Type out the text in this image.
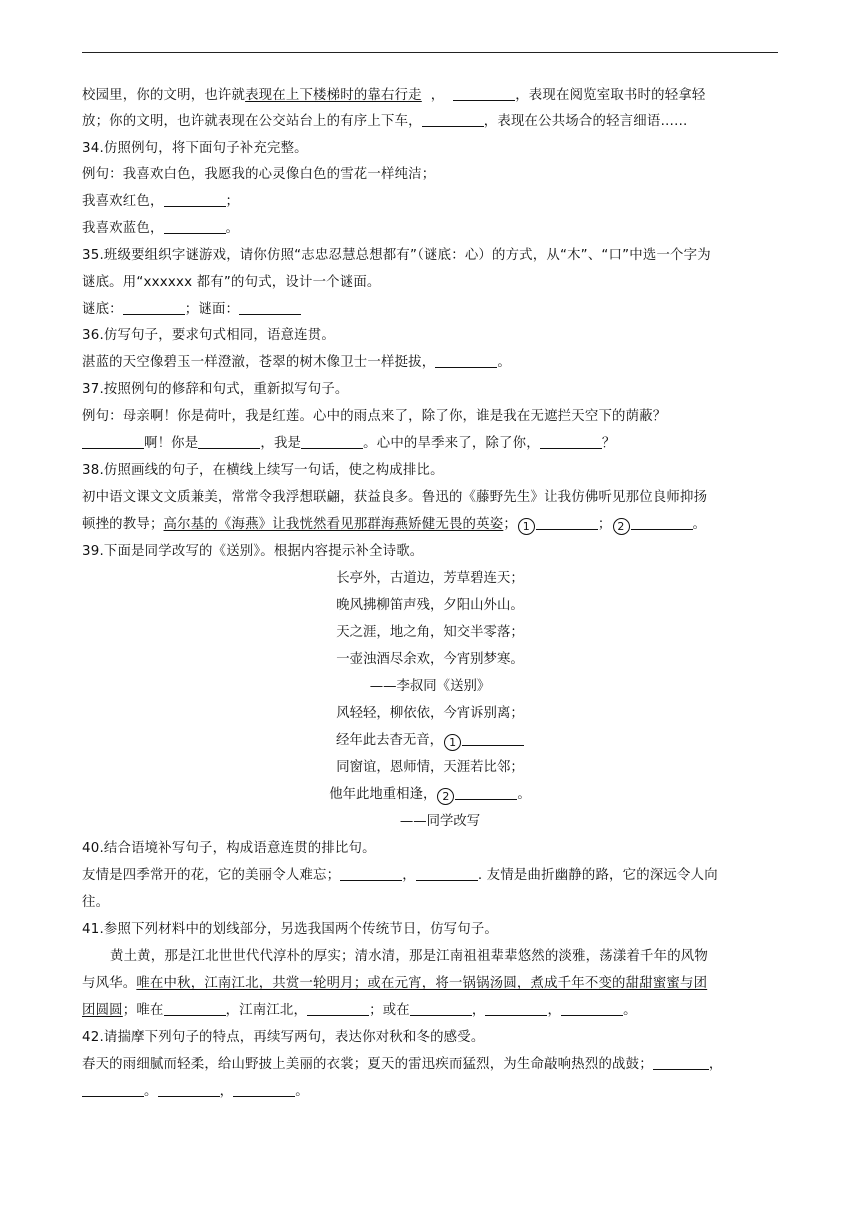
校园里，你的文明，也许就表现在上下楼梯时的靠右行走  ，	，表现在阅览室取书时的轻拿轻
放；你的文明，也许就表现在公交站台上的有序上下车，	，表现在公共场合的轻言细语……
34.仿照例句，将下面句子补充完整。
例句：我喜欢白色，我愿我的心灵像白色的雪花一样纯洁；
我喜欢红色，	；
我喜欢蓝色，	。
35.班级要组织字谜游戏，请你仿照“志忠忍慧总想都有”（谜底：心）的方式，从“木”、“口”中选一个字为
谜底。用“xxxxxx 都有”的句式，设计一个谜面。
谜底：	；谜面：
36.仿写句子，要求句式相同，语意连贯。
湛蓝的天空像碧玉一样澄澈，苍翠的树木像卫士一样挺拔，	。
37.按照例句的修辞和句式，重新拟写句子。
例句：母亲啊！你是荷叶，我是红莲。心中的雨点来了，除了你，谁是我在无遮拦天空下的荫蔽？
啊！你是	，我是	。心中的旱季来了，除了你，	？
38.仿照画线的句子，在横线上续写一句话，使之构成排比。
初中语文课文文质兼美，常常令我浮想联翩，获益良多。鲁迅的《藤野先生》让我仿佛听见那位良师抑扬
顿挫的教导；高尔基的《海燕》让我恍然看见那群海燕矫健无畏的英姿； 1	； 2	。
39.下面是同学改写的《送别》。根据内容提示补全诗歌。
长亭外，古道边，芳草碧连天；
晚风拂柳笛声残，夕阳山外山。
天之涯，地之角，知交半零落；
一壶浊酒尽余欢，今宵别梦寒。
——李叔同《送别》
风轻轻，柳依依，今宵诉别离；
经年此去杳无音， 1
同窗谊，恩师情，天涯若比邻；
他年此地重相逢， 2	。
——同学改写
40.结合语境补写句子，构成语意连贯的排比句。
友情是四季常开的花，它的美丽令人难忘；	，	. 友情是曲折幽静的路，它的深远令人向
往。
41.参照下列材料中的划线部分，另选我国两个传统节日，仿写句子。
黄土黄，那是江北世世代代淳朴的厚实；清水清，那是江南祖祖辈辈悠然的淡雅，荡漾着千年的风物
与风华。唯在中秋，江南江北，共赏一轮明月；或在元宵，将一锅锅汤圆，煮成千年不变的甜甜蜜蜜与团
团圆圆；唯在	，江南江北，	；或在	，	，	。
42.请揣摩下列句子的特点，再续写两句，表达你对秋和冬的感受。
春天的雨细腻而轻柔，给山野披上美丽的衣裳；夏天的雷迅疾而猛烈，为生命敲响热烈的战鼓；	，
。	，	。
